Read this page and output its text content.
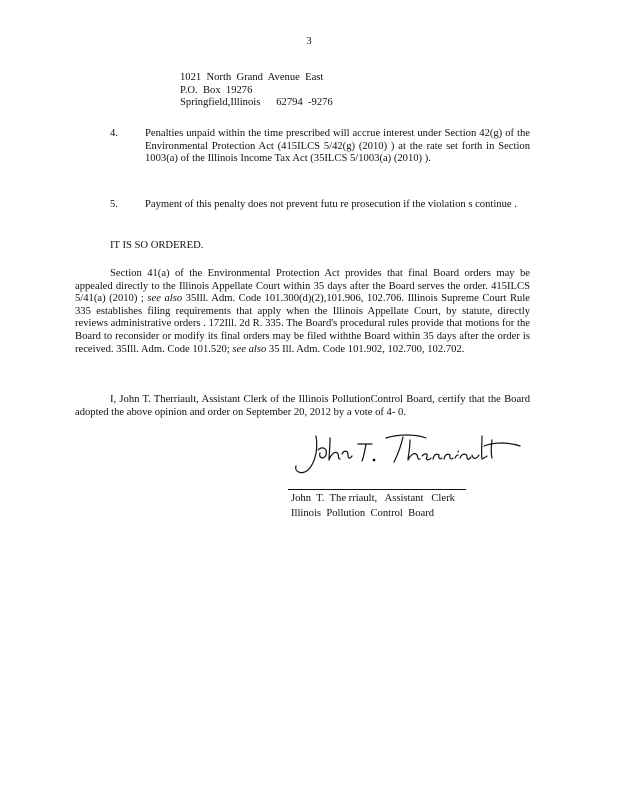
3
1021  North  Grand  Avenue  East
P.O.  Box  19276
Springfield,Illinois      62794  -9276
4.	Penalties unpaid within the time prescribed will accrue interest under Section 42(g) of the Environmental Protection Act (415ILCS 5/42(g) (2010) ) at the rate set forth in Section 1003(a) of the Illinois Income Tax Act (35ILCS 5/1003(a) (2010) ).
5.	Payment of this penalty does not prevent futu re prosecution if the violation s continue .
IT IS SO ORDERED.
Section 41(a) of the Environmental Protection Act provides that final Board orders may be appealed directly to the Illinois Appellate Court within 35 days after the Board serves the order. 415ILCS 5/41(a) (2010) ; see also 35Ill. Adm. Code 101.300(d)(2),101.906, 102.706. Illinois Supreme Court Rule 335 establishes filing requirements that apply when the Illinois Appellate Court, by statute, directly reviews administrative orders . 172Ill. 2d R. 335. The Board's procedural rules provide that motions for the Board to reconsider or modify its final orders may be filed withthe Board within 35 days after the order is received. 35Ill. Adm. Code 101.520; see also 35 Ill. Adm. Code 101.902, 102.700, 102.702.
I, John T. Therriault, Assistant Clerk of the Illinois PollutionControl Board, certify that the Board adopted the above opinion and order on September 20, 2012 by a vote of 4- 0.
John  T.  The rriault,   Assistant   Clerk
Illinois  Pollution  Control  Board
